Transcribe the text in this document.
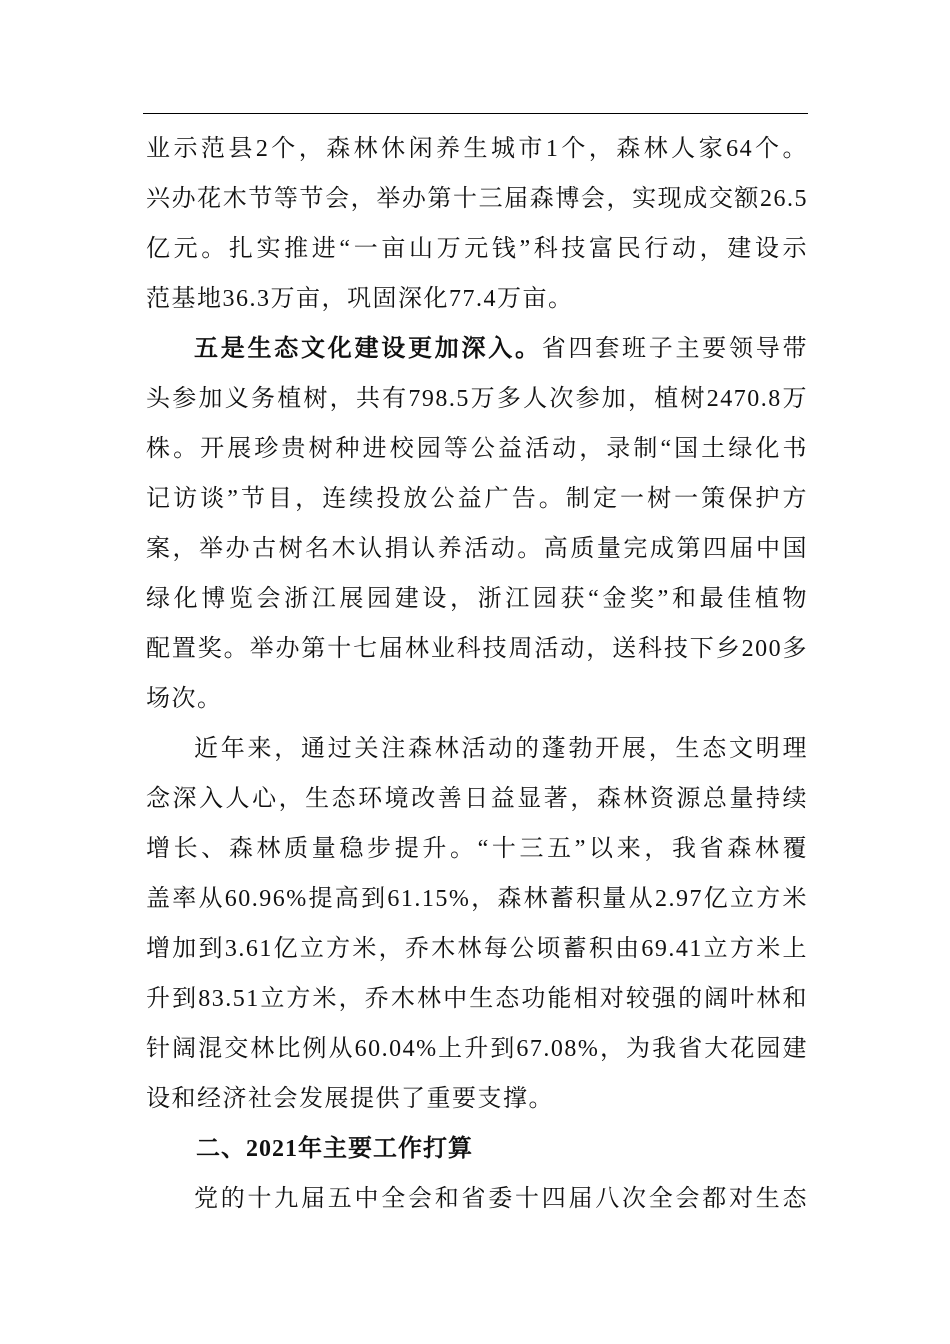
业示范县2个，森林休闲养生城市1个，森林人家64个。
兴办花木节等节会，举办第十三届森博会，实现成交额26.5
亿元。扎实推进“一亩山万元钱”科技富民行动，建设示
范基地36.3万亩，巩固深化77.4万亩。
五是生态文化建设更加深入。省四套班子主要领导带
头参加义务植树，共有798.5万多人次参加，植树2470.8万
株。开展珍贵树种进校园等公益活动，录制“国土绿化书
记访谈”节目，连续投放公益广告。制定一树一策保护方
案，举办古树名木认捐认养活动。高质量完成第四届中国
绿化博览会浙江展园建设，浙江园获“金奖”和最佳植物
配置奖。举办第十七届林业科技周活动，送科技下乡200多
场次。
近年来，通过关注森林活动的蓬勃开展，生态文明理
念深入人心，生态环境改善日益显著，森林资源总量持续
增长、森林质量稳步提升。“十三五”以来，我省森林覆
盖率从60.96%提高到61.15%，森林蓄积量从2.97亿立方米
增加到3.61亿立方米，乔木林每公顷蓄积由69.41立方米上
升到83.51立方米，乔木林中生态功能相对较强的阔叶林和
针阔混交林比例从60.04%上升到67.08%，为我省大花园建
设和经济社会发展提供了重要支撑。
二、2021年主要工作打算
党的十九届五中全会和省委十四届八次全会都对生态
